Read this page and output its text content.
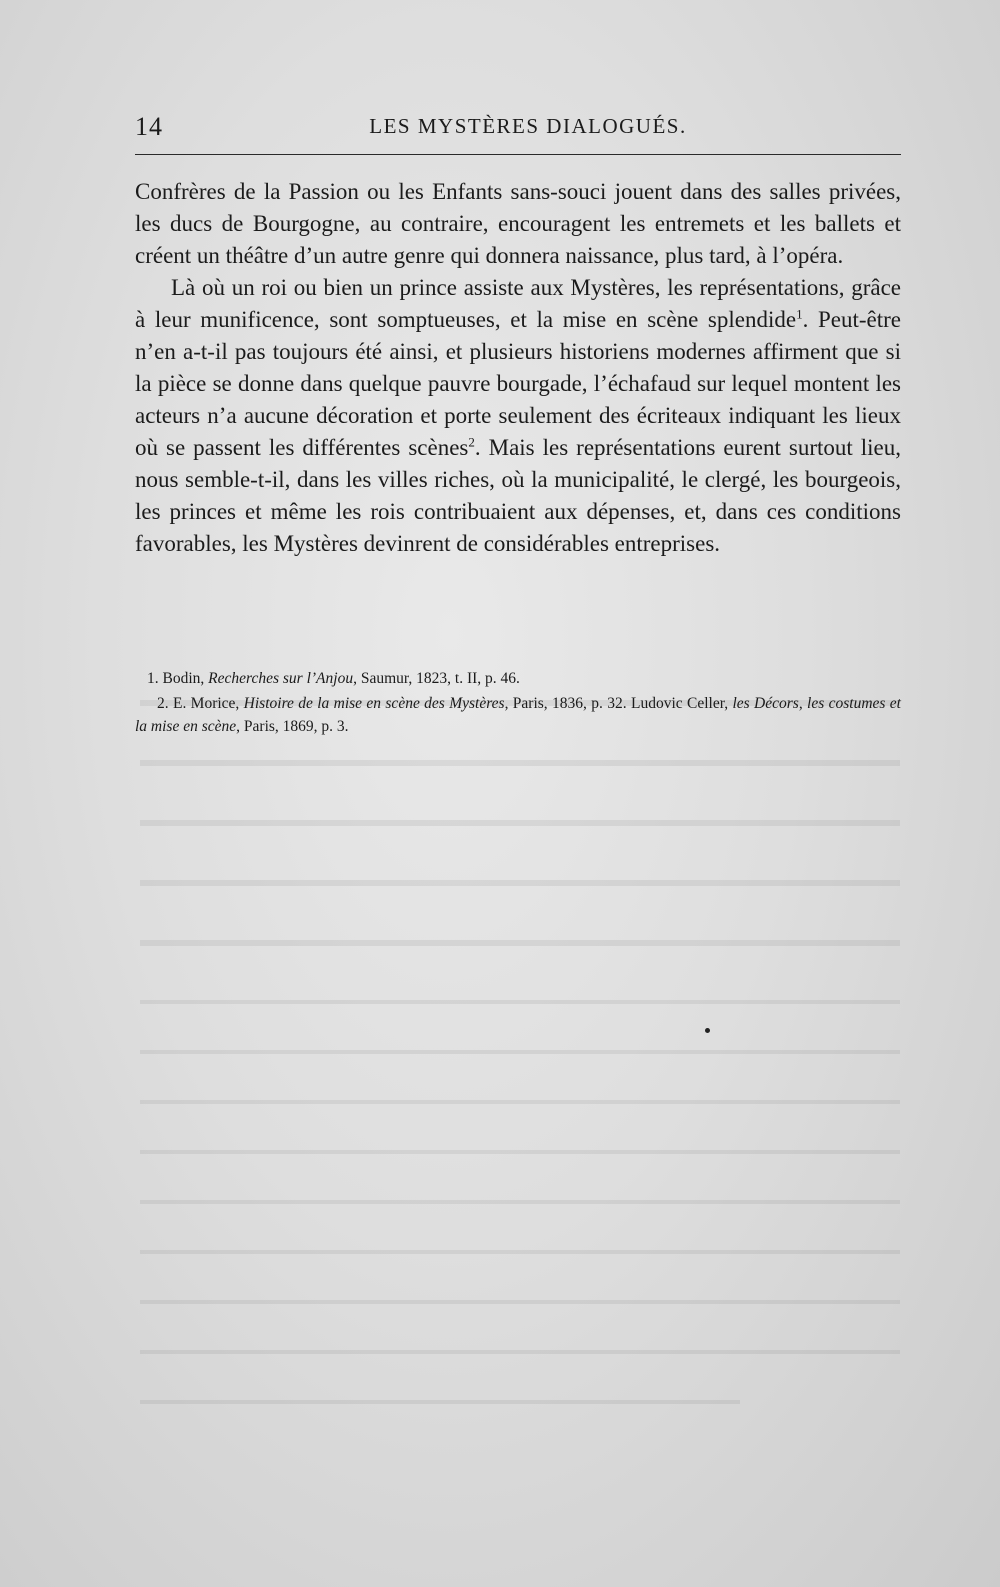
14	LES MYSTÈRES DIALOGUÉS.

Confrères de la Passion ou les Enfants sans-souci jouent dans des salles privées, les ducs de Bourgogne, au contraire, encouragent les entremets et les ballets et créent un théâtre d’un autre genre qui donnera naissance, plus tard, à l’opéra.

Là où un roi ou bien un prince assiste aux Mystères, les représentations, grâce à leur munificence, sont somptueuses, et la mise en scène splendide$^1$. Peut-être n’en a-t-il pas toujours été ainsi, et plusieurs historiens modernes affirment que si la pièce se donne dans quelque pauvre bourgade, l’échafaud sur lequel montent les acteurs n’a aucune décoration et porte seulement des écriteaux indiquant les lieux où se passent les différentes scènes$^2$. Mais les représentations eurent surtout lieu, nous semble-t-il, dans les villes riches, où la municipalité, le clergé, les bourgeois, les princes et même les rois contribuaient aux dépenses, et, dans ces conditions favorables, les Mystères devinrent de considérables entreprises.

1. Bodin, Recherches sur l’Anjou, Saumur, 1823, t. II, p. 46.

2. E. Morice, Histoire de la mise en scène des Mystères, Paris, 1836, p. 32. Ludovic Celler, les Décors, les costumes et la mise en scène, Paris, 1869, p. 3.
